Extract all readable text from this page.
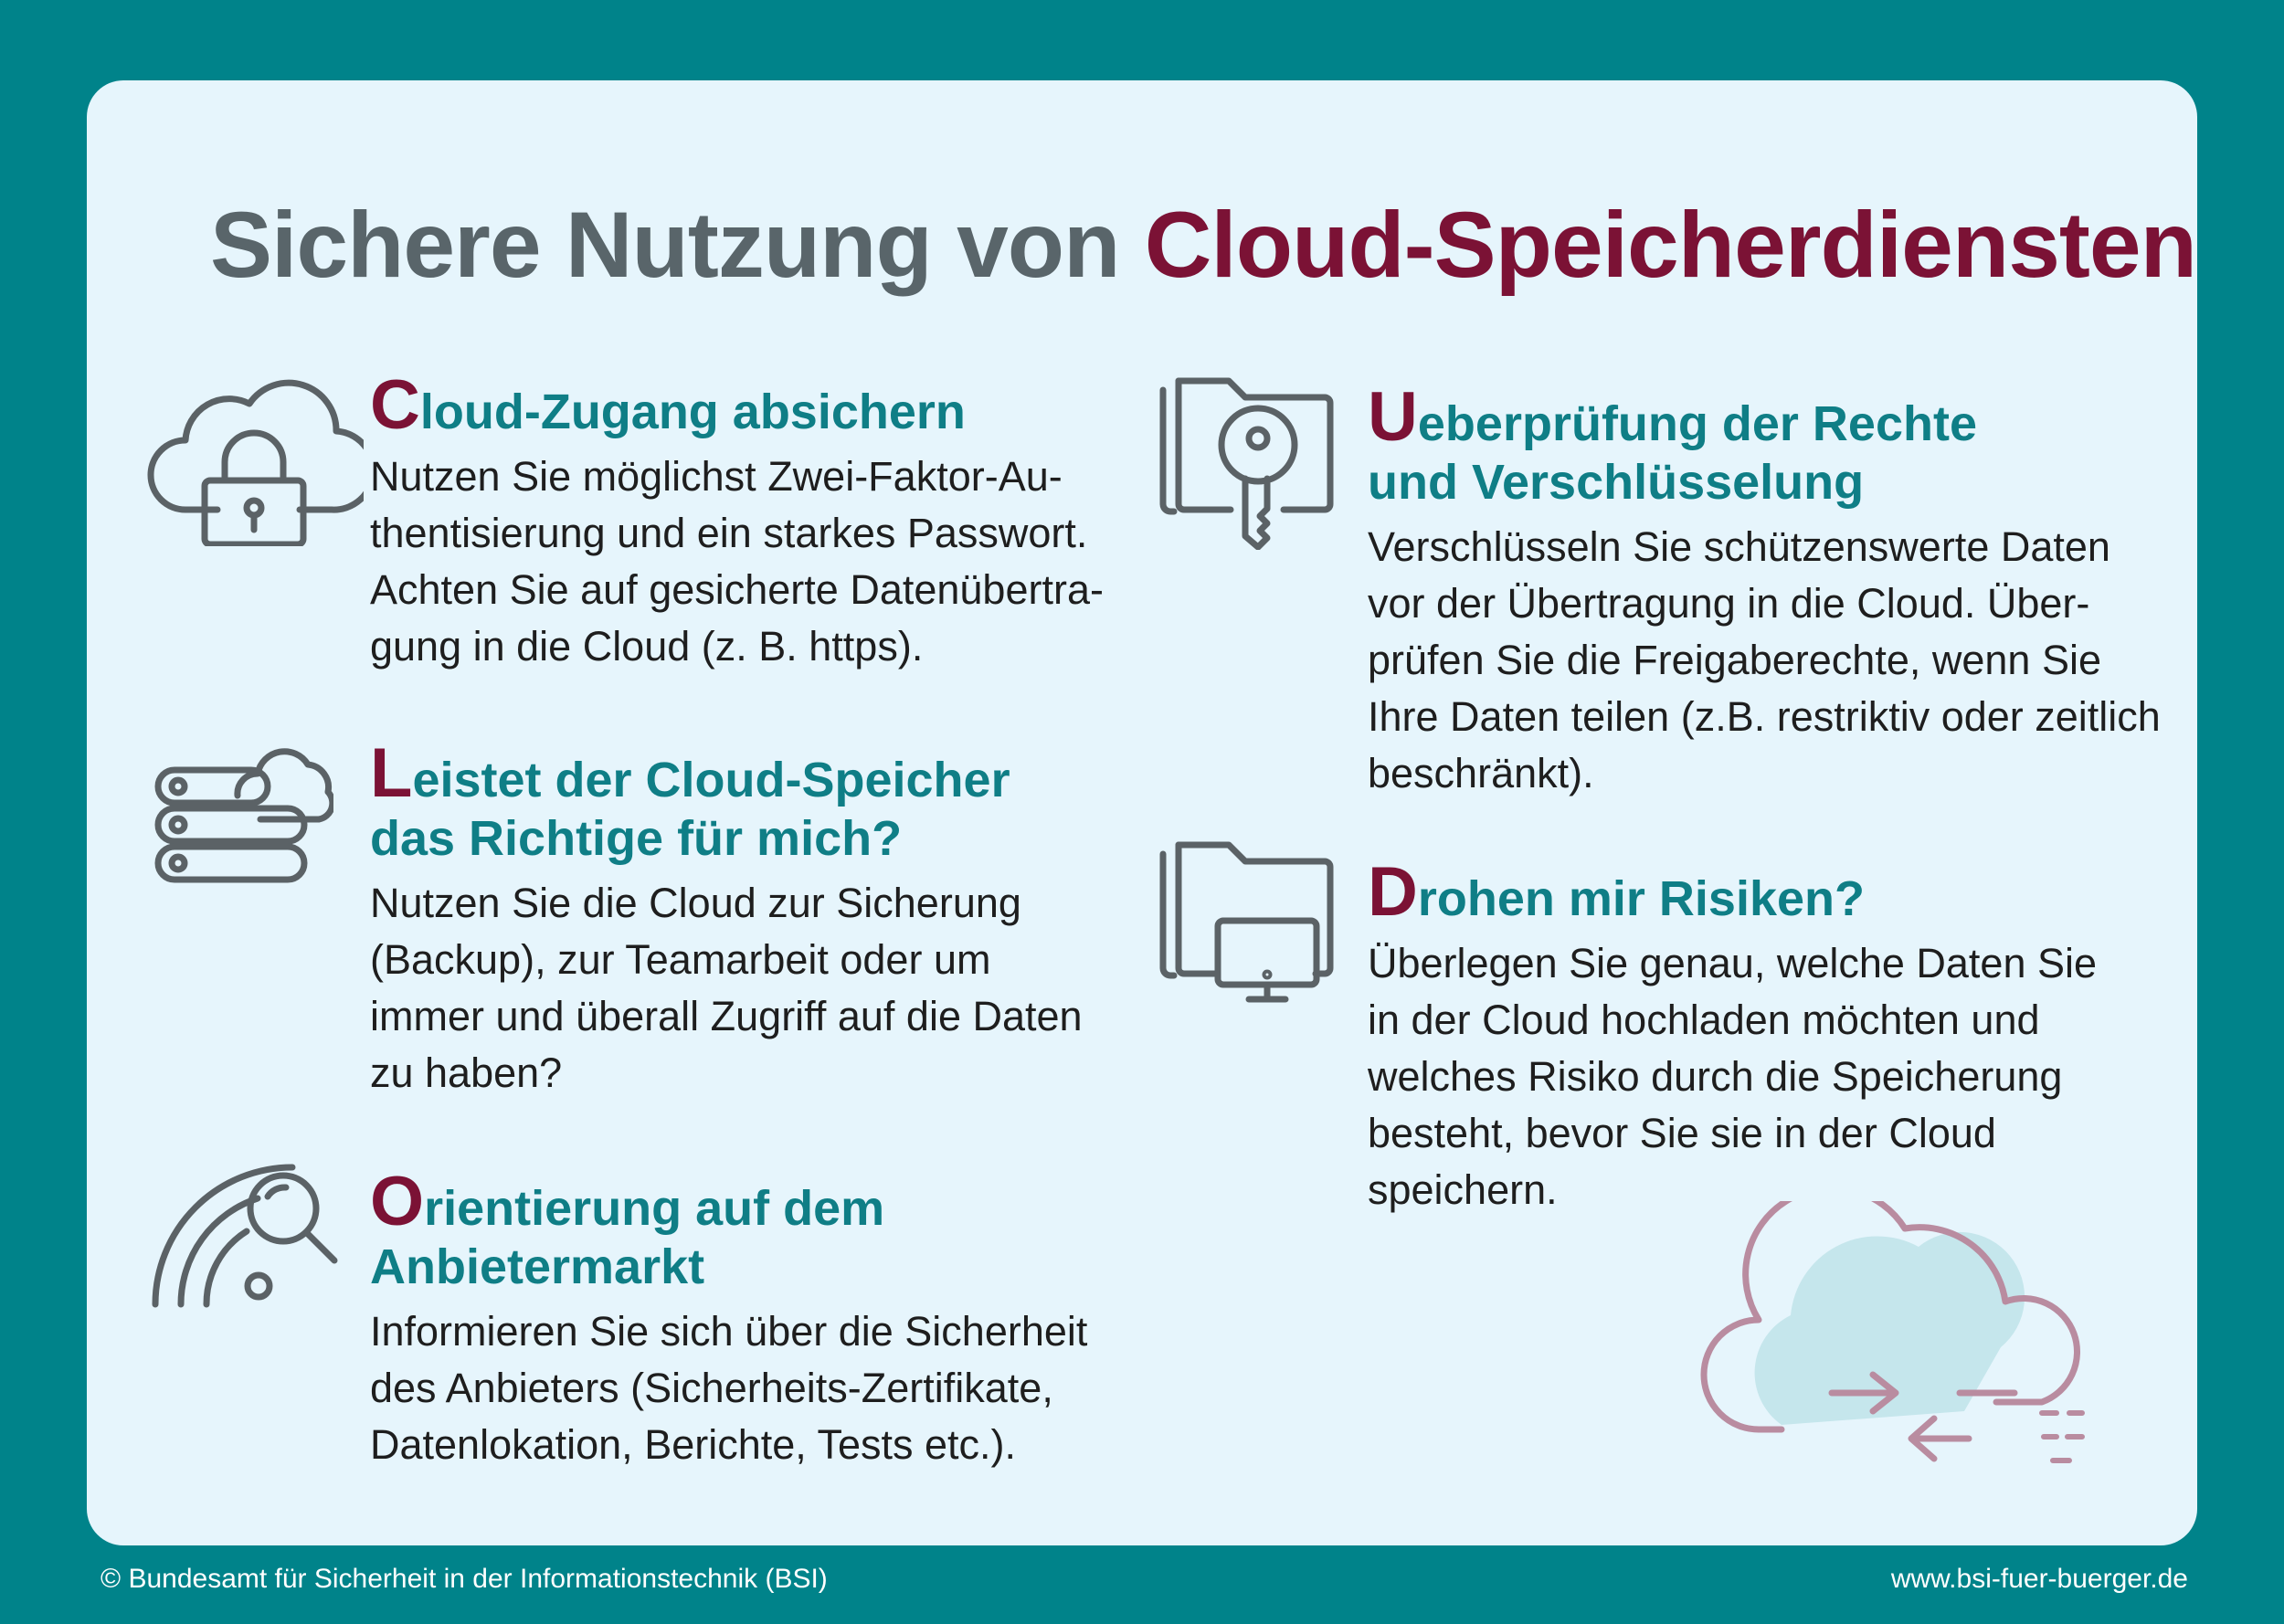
Sichere Nutzung von Cloud-Speicherdiensten
Cloud-Zugang absichern

Nutzen Sie möglichst Zwei-Faktor-Au-
thentisierung und ein starkes Passwort.
Achten Sie auf gesicherte Datenübertra-
gung in die Cloud (z. B. https).

Leistet der Cloud-Speicher
das Richtige für mich?

Nutzen Sie die Cloud zur Sicherung
(Backup), zur Teamarbeit oder um
immer und überall Zugriff auf die Daten
zu haben?

Orientierung auf dem Anbietermarkt

Informieren Sie sich über die Sicherheit
des Anbieters (Sicherheits-Zertifikate,
Datenlokation, Berichte, Tests etc.).

Ueberprüfung der Rechte
und Verschlüsselung

Verschlüsseln Sie schützenswerte Daten
vor der Übertragung in die Cloud. Über-
prüfen Sie die Freigaberechte, wenn Sie
Ihre Daten teilen (z.B. restriktiv oder zeitlich
beschränkt).

Drohen mir Risiken?

Überlegen Sie genau, welche Daten Sie
in der Cloud hochladen möchten und
welches Risiko durch die Speicherung
besteht, bevor Sie sie in der Cloud
speichern.

© Bundesamt für Sicherheit in der Informationstechnik (BSI)	www.bsi-fuer-buerger.de
